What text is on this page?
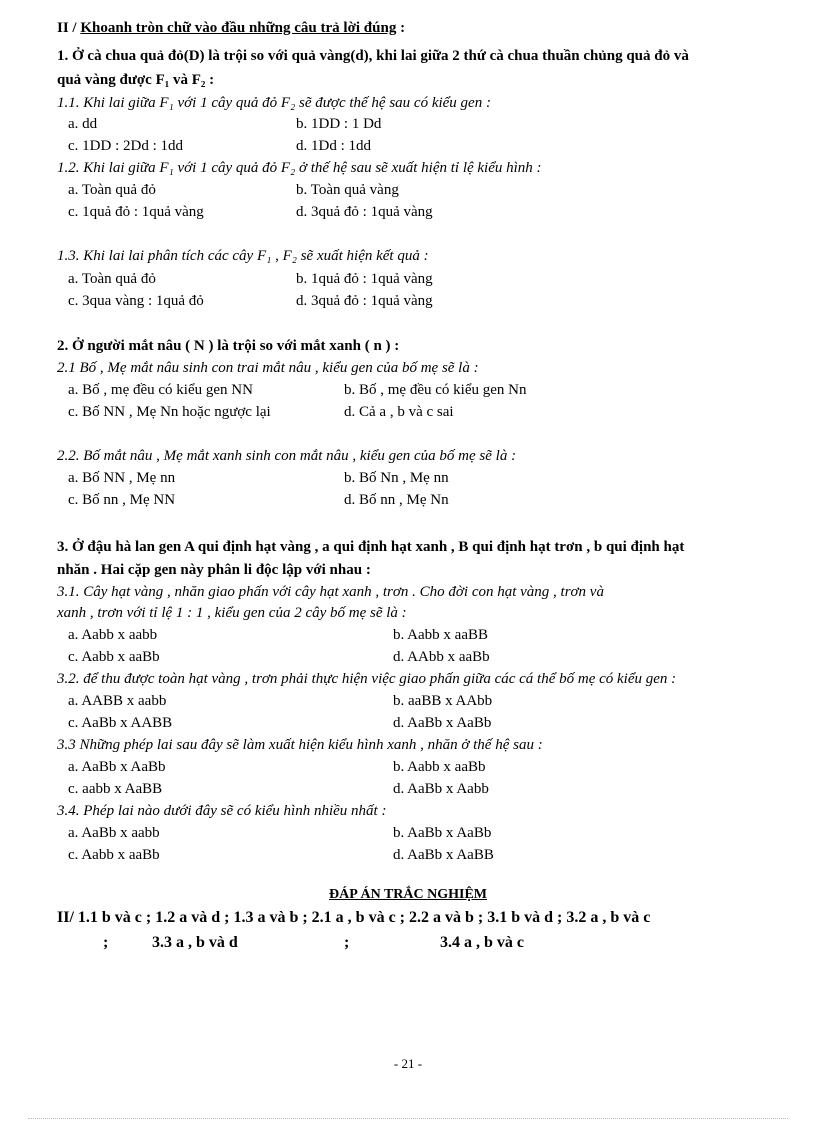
II / Khoanh tròn chữ vào đầu những câu trả lời đúng :
1. Ở cà chua quả đỏ(D) là trội so với quả vàng(d), khi lai giữa 2 thứ cà chua thuần chủng quả đỏ và
quả vàng được F₁ và F₂ :
1.1. Khi lai giữa F₁ với 1 cây quả đỏ F₂ sẽ được thế hệ sau có kiểu gen :
a. dd	b. 1DD : 1 Dd
c. 1DD : 2Dd : 1dd	d. 1Dd : 1dd
1.2. Khi lai giữa F₁ với 1 cây quả đỏ F₂ ở thế hệ sau sẽ xuất hiện tỉ lệ kiểu hình :
a. Toàn quả đỏ	b. Toàn quả vàng
c. 1quả đỏ : 1quả vàng	d. 3quả đỏ : 1quả vàng
1.3. Khi lai lai phân tích các cây F₁ , F₂ sẽ xuất hiện kết quả :
a. Toàn quả đỏ	b. 1quả đỏ : 1quả vàng
c. 3qua vàng : 1quả đỏ	d. 3quả đỏ : 1quả vàng
2. Ở người mắt nâu ( N ) là trội so với mắt xanh ( n ) :
2.1 Bố , Mẹ mắt nâu sinh con trai mắt nâu , kiểu gen của bố mẹ sẽ là :
a. Bố , mẹ đều có kiểu gen NN	b. Bố , mẹ đều có kiểu gen Nn
c. Bố NN , Mẹ Nn hoặc ngược lại	d. Cả a , b và c sai
2.2. Bố mắt nâu , Mẹ mắt xanh sinh con mắt nâu , kiểu gen của bố mẹ sẽ là :
a. Bố NN , Mẹ nn	b. Bố Nn , Mẹ nn
c. Bố nn , Mẹ NN	d. Bố nn , Mẹ Nn
3. Ở đậu hà lan gen A qui định hạt vàng , a qui định hạt xanh , B qui định hạt trơn , b qui định hạt
nhăn . Hai cặp gen này phân li độc lập với nhau :
3.1. Cây hạt vàng , nhăn giao phấn với cây hạt xanh , trơn . Cho đời con hạt vàng , trơn và
xanh , trơn với tỉ lệ 1 : 1 , kiểu gen của 2 cây bố mẹ sẽ là :
a. Aabb x aabb	b. Aabb x aaBB
c. Aabb x aaBb	d. AAbb x aaBb
3.2. để thu được toàn hạt vàng , trơn phải thực hiện việc giao phấn giữa các cá thể bố mẹ có kiểu gen :
a. AABB x aabb	b. aaBB x AAbb
c. AaBb x AABB	d. AaBb x AaBb
3.3 Những phép lai sau đây sẽ làm xuất hiện kiểu hình xanh , nhăn ở thế hệ sau :
a. AaBb x AaBb	b. Aabb x aaBb
c. aabb x AaBB	d. AaBb x Aabb
3.4. Phép lai nào dưới đây sẽ có kiểu hình nhiều nhất :
a. AaBb x aabb	b. AaBb x AaBb
c. Aabb x aaBb	d. AaBb x AaBB
ĐÁP ÁN TRẮC NGHIỆM
II/ 1.1 b và c ; 1.2 a và d ; 1.3 a và b ; 2.1 a , b và c ; 2.2 a và b ; 3.1 b và d ; 3.2 a , b và c
;	3.3 a , b và d	;	3.4 a , b và c
- 21 -
